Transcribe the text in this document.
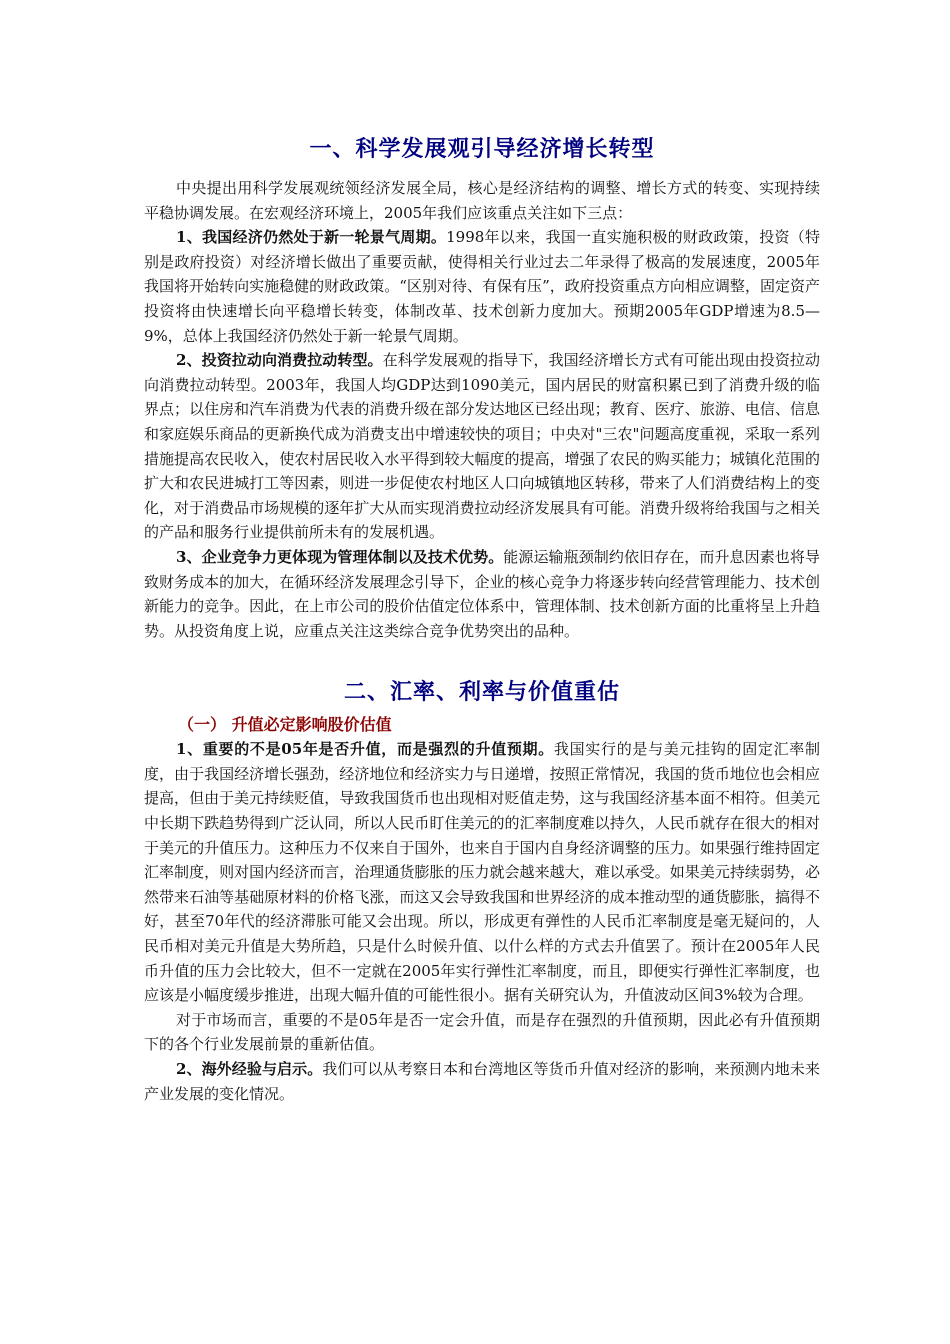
一、科学发展观引导经济增长转型

中央提出用科学发展观统领经济发展全局，核心是经济结构的调整、增长方式的转变、实现持续平稳协调发展。在宏观经济环境上，2005年我们应该重点关注如下三点：

1、我国经济仍然处于新一轮景气周期。1998年以来，我国一直实施积极的财政政策，投资（特别是政府投资）对经济增长做出了重要贡献，使得相关行业过去二年录得了极高的发展速度，2005年我国将开始转向实施稳健的财政政策。“区别对待、有保有压”，政府投资重点方向相应调整，固定资产投资将由快速增长向平稳增长转变，体制改革、技术创新力度加大。预期2005年GDP增速为8.5—9%，总体上我国经济仍然处于新一轮景气周期。

2、投资拉动向消费拉动转型。在科学发展观的指导下，我国经济增长方式有可能出现由投资拉动向消费拉动转型。2003年，我国人均GDP达到1090美元，国内居民的财富积累已到了消费升级的临界点；以住房和汽车消费为代表的消费升级在部分发达地区已经出现；教育、医疗、旅游、电信、信息和家庭娱乐商品的更新换代成为消费支出中增速较快的项目；中央对"三农"问题高度重视，采取一系列措施提高农民收入，使农村居民收入水平得到较大幅度的提高，增强了农民的购买能力；城镇化范围的扩大和农民进城打工等因素，则进一步促使农村地区人口向城镇地区转移，带来了人们消费结构上的变化，对于消费品市场规模的逐年扩大从而实现消费拉动经济发展具有可能。消费升级将给我国与之相关的产品和服务行业提供前所未有的发展机遇。

3、企业竞争力更体现为管理体制以及技术优势。能源运输瓶颈制约依旧存在，而升息因素也将导致财务成本的加大，在循环经济发展理念引导下，企业的核心竞争力将逐步转向经营管理能力、技术创新能力的竞争。因此，在上市公司的股价估值定位体系中，管理体制、技术创新方面的比重将呈上升趋势。从投资角度上说，应重点关注这类综合竞争优势突出的品种。

二、汇率、利率与价值重估
（一） 升值必定影响股价估值

1、重要的不是05年是否升值，而是强烈的升值预期。我国实行的是与美元挂钩的固定汇率制度，由于我国经济增长强劲，经济地位和经济实力与日递增，按照正常情况，我国的货币地位也会相应提高，但由于美元持续贬值，导致我国货币也出现相对贬值走势，这与我国经济基本面不相符。但美元中长期下跌趋势得到广泛认同，所以人民币盯住美元的的汇率制度难以持久，人民币就存在很大的相对于美元的升值压力。这种压力不仅来自于国外，也来自于国内自身经济调整的压力。如果强行维持固定汇率制度，则对国内经济而言，治理通货膨胀的压力就会越来越大，难以承受。如果美元持续弱势，必然带来石油等基础原材料的价格飞涨，而这又会导致我国和世界经济的成本推动型的通货膨胀，搞得不好，甚至70年代的经济滞胀可能又会出现。所以，形成更有弹性的人民币汇率制度是毫无疑问的，人民币相对美元升值是大势所趋，只是什么时候升值、以什么样的方式去升值罢了。预计在2005年人民币升值的压力会比较大，但不一定就在2005年实行弹性汇率制度，而且，即便实行弹性汇率制度，也应该是小幅度缓步推进，出现大幅升值的可能性很小。据有关研究认为，升值波动区间3%较为合理。

对于市场而言，重要的不是05年是否一定会升值，而是存在强烈的升值预期，因此必有升值预期下的各个行业发展前景的重新估值。

2、海外经验与启示。我们可以从考察日本和台湾地区等货币升值对经济的影响，来预测内地未来产业发展的变化情况。
